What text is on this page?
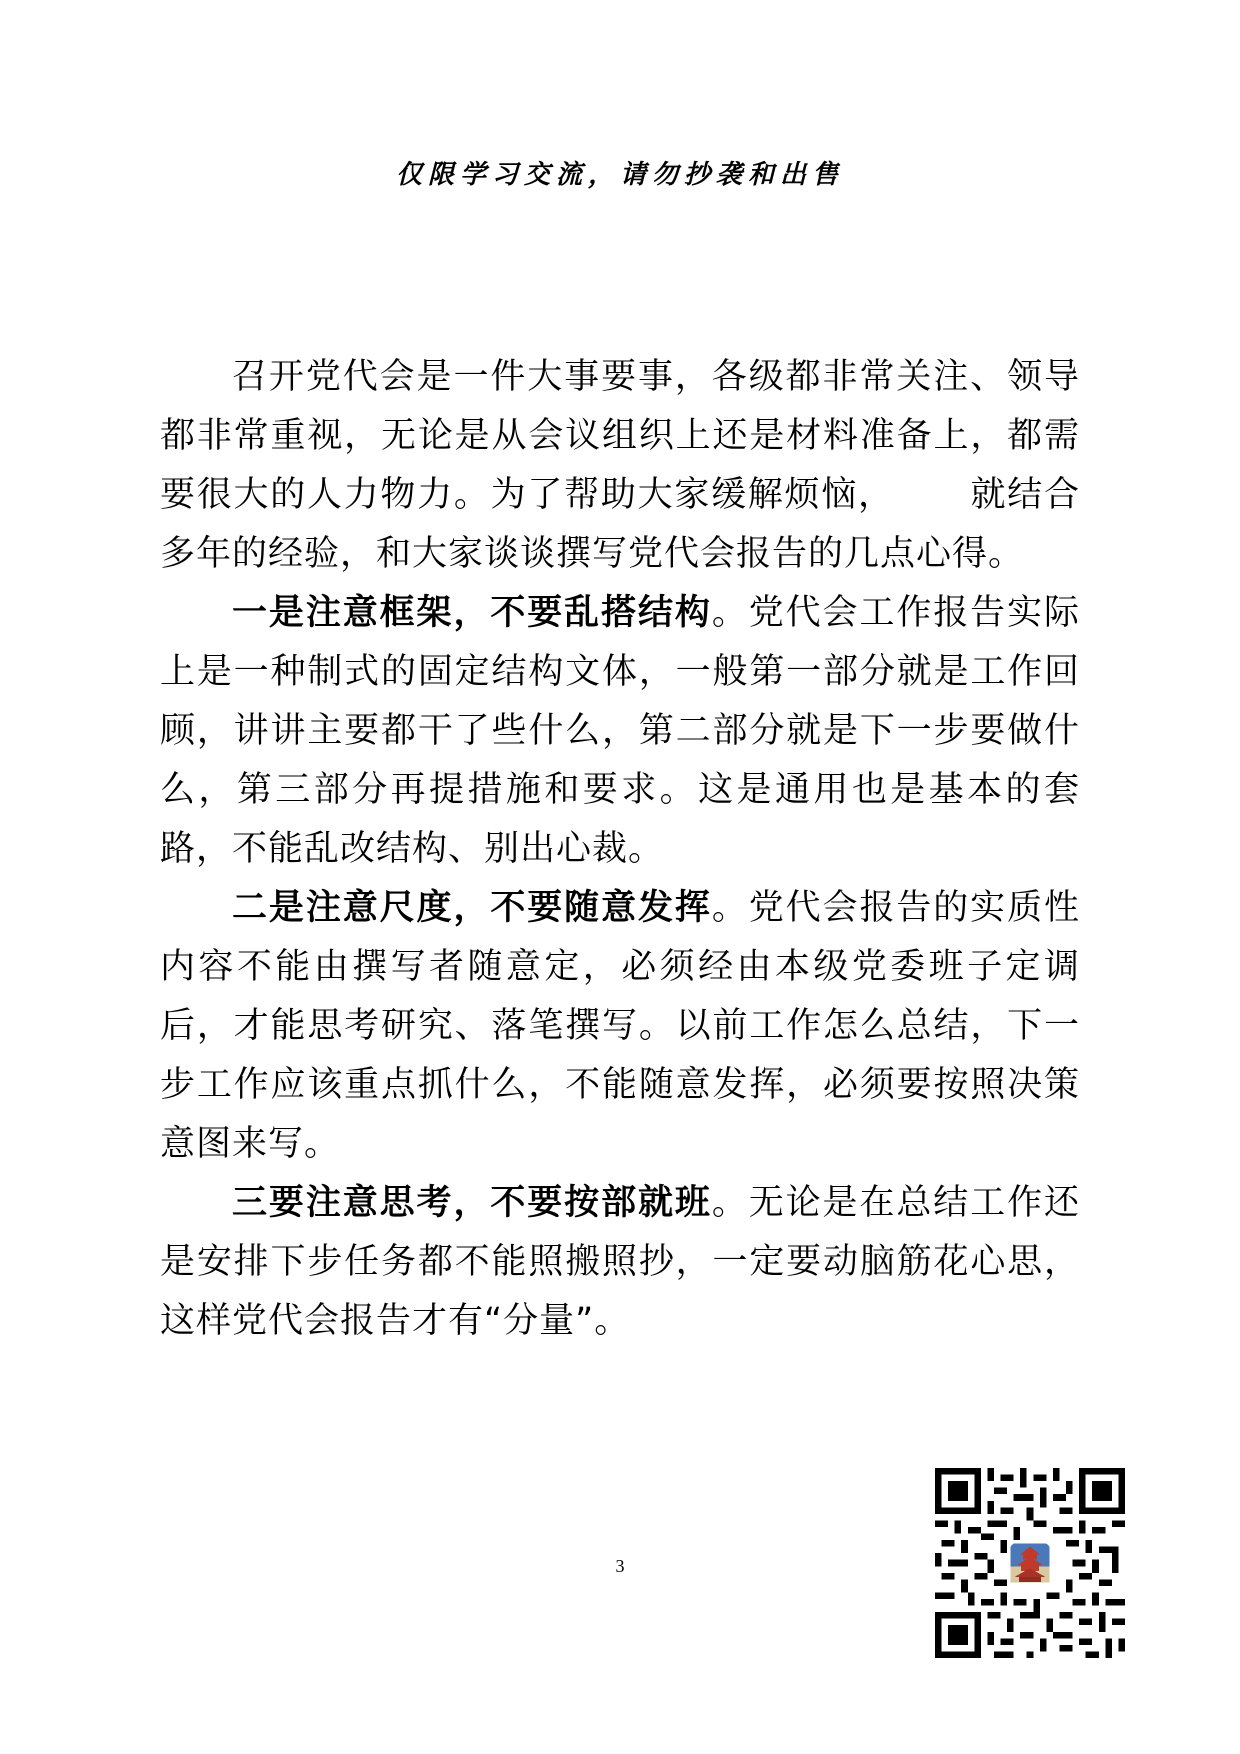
仅限学习交流，请勿抄袭和出售

召开党代会是一件大事要事，各级都非常关注、领导都非常重视，无论是从会议组织上还是材料准备上，都需要很大的人力物力。为了帮助大家缓解烦恼， 就结合多年的经验，和大家谈谈撰写党代会报告的几点心得。

一是注意框架，不要乱搭结构。党代会工作报告实际上是一种制式的固定结构文体，一般第一部分就是工作回顾，讲讲主要都干了些什么，第二部分就是下一步要做什么，第三部分再提措施和要求。这是通用也是基本的套路，不能乱改结构、别出心裁。

二是注意尺度，不要随意发挥。党代会报告的实质性内容不能由撰写者随意定，必须经由本级党委班子定调后，才能思考研究、落笔撰写。以前工作怎么总结，下一步工作应该重点抓什么，不能随意发挥，必须要按照决策意图来写。

三要注意思考，不要按部就班。无论是在总结工作还是安排下步任务都不能照搬照抄，一定要动脑筋花心思，这样党代会报告才有“分量”。

3
